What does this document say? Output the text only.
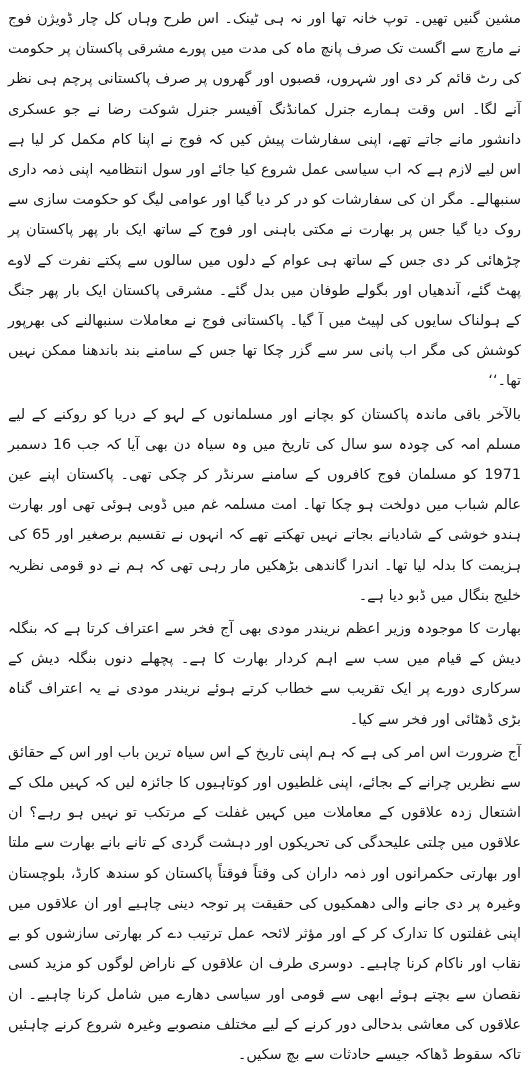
مشین گنیں تھیں۔ توپ خانہ تھا اور نہ ہی ٹینک۔ اس طرح وہاں کل چار ڈویژن فوج نے مارچ سے اگست تک صرف پانچ ماہ کی مدت میں پورے مشرقی پاکستان پر حکومت کی رٹ قائم کر دی اور شہروں، قصبوں اور گھروں پر صرف پاکستانی پرچم ہی نظر آنے لگا۔ اس وقت ہمارے جنرل کمانڈنگ آفیسر جنرل شوکت رضا نے جو عسکری دانشور مانے جاتے تھے، اپنی سفارشات پیش کیں کہ فوج نے اپنا کام مکمل کر لیا ہے اس لیے لازم ہے کہ اب سیاسی عمل شروع کیا جائے اور سول انتظامیہ اپنی ذمہ داری سنبھالے۔ مگر ان کی سفارشات کو در کر دیا گیا اور عوامی لیگ کو حکومت سازی سے روک دیا گیا جس پر بھارت نے مکتی باہنی اور فوج کے ساتھ ایک بار پھر پاکستان پر چڑھائی کر دی جس کے ساتھ ہی عوام کے دلوں میں سالوں سے پکتے نفرت کے لاوے پھٹ گئے، آندھیاں اور بگولے طوفان میں بدل گئے۔ مشرقی پاکستان ایک بار پھر جنگ کے ہولناک سایوں کی لپیٹ میں آ گیا۔ پاکستانی فوج نے معاملات سنبھالنے کی بھرپور کوشش کی مگر اب پانی سر سے گزر چکا تھا جس کے سامنے بند باندھنا ممکن نہیں تھا۔‘‘

بالآخر باقی ماندہ پاکستان کو بچانے اور مسلمانوں کے لہو کے دریا کو روکنے کے لیے مسلم امہ کی چودہ سو سال کی تاریخ میں وہ سیاہ دن بھی آیا کہ جب 16 دسمبر 1971 کو مسلمان فوج کافروں کے سامنے سرنڈر کر چکی تھی۔ پاکستان اپنے عین عالم شباب میں دولخت ہو چکا تھا۔ امت مسلمہ غم میں ڈوبی ہوئی تھی اور بھارت ہندو خوشی کے شادیانے بجاتے نہیں تھکتے تھے کہ انہوں نے تقسیم برصغیر اور 65 کی ہزیمت کا بدلہ لیا تھا۔ اندرا گاندھی بڑھکیں مار رہی تھی کہ ہم نے دو قومی نظریہ خلیج بنگال میں ڈبو دیا ہے۔

بھارت کا موجودہ وزیر اعظم نریندر مودی بھی آج فخر سے اعتراف کرتا ہے کہ بنگلہ دیش کے قیام میں سب سے اہم کردار بھارت کا ہے۔ پچھلے دنوں بنگلہ دیش کے سرکاری دورے پر ایک تقریب سے خطاب کرتے ہوئے نریندر مودی نے یہ اعتراف گناہ بڑی ڈھٹائی اور فخر سے کیا۔

آج ضرورت اس امر کی ہے کہ ہم اپنی تاریخ کے اس سیاہ ترین باب اور اس کے حقائق سے نظریں چرانے کے بجائے، اپنی غلطیوں اور کوتاہیوں کا جائزہ لیں کہ کہیں ملک کے اشتعال زدہ علاقوں کے معاملات میں کہیں غفلت کے مرتکب تو نہیں ہو رہے؟ ان علاقوں میں چلتی علیحدگی کی تحریکوں اور دہشت گردی کے تانے بانے بھارت سے ملتا اور بھارتی حکمرانوں اور ذمہ داران کی وقتاً فوقتاً پاکستان کو سندھ کارڈ، بلوچستان وغیرہ پر دی جانے والی دھمکیوں کی حقیقت پر توجہ دینی چاہیے اور ان علاقوں میں اپنی غفلتوں کا تدارک کر کے اور مؤثر لائحہ عمل ترتیب دے کر بھارتی سازشوں کو بے نقاب اور ناکام کرنا چاہیے۔ دوسری طرف ان علاقوں کے ناراض لوگوں کو مزید کسی نقصان سے بچتے ہوئے ابھی سے قومی اور سیاسی دھارے میں شامل کرنا چاہیے۔ ان علاقوں کی معاشی بدحالی دور کرنے کے لیے مختلف منصوبے وغیرہ شروع کرنے چاہئیں تاکہ سقوط ڈھاکہ جیسے حادثات سے بچ سکیں۔
